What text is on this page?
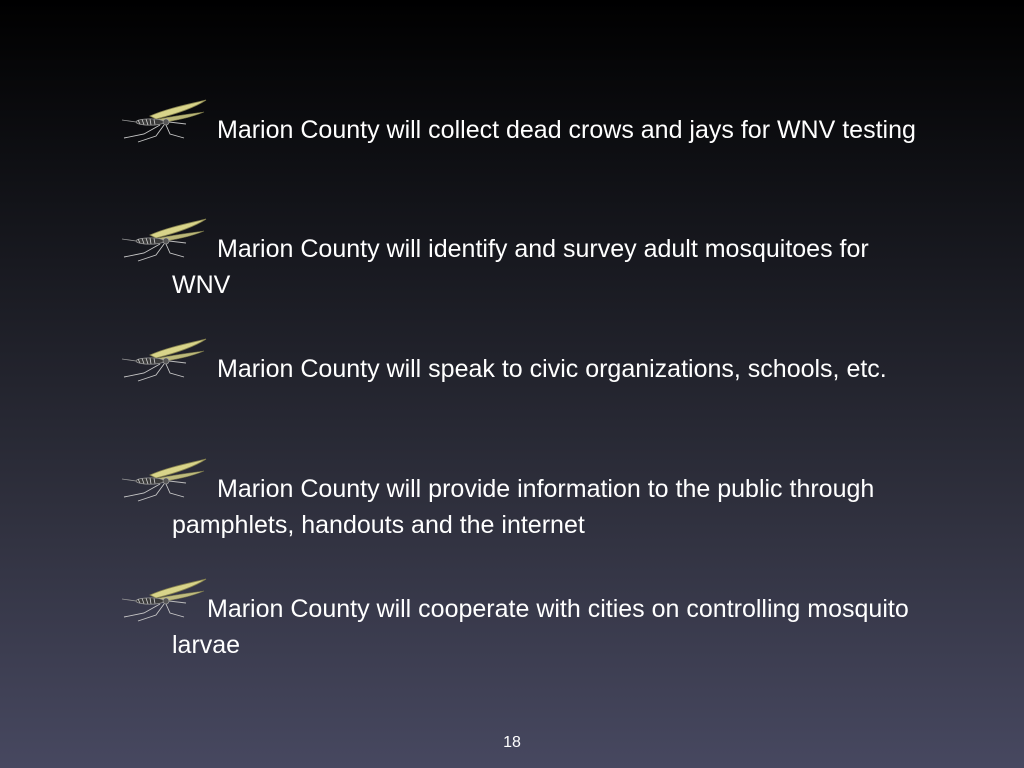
Marion County will collect dead crows and jays for WNV testing

Marion County will identify and survey adult mosquitoes for WNV

Marion County will speak to civic organizations, schools, etc.

Marion County will provide information to the public through pamphlets, handouts and the internet

Marion County will cooperate with cities on controlling mosquito larvae

18
